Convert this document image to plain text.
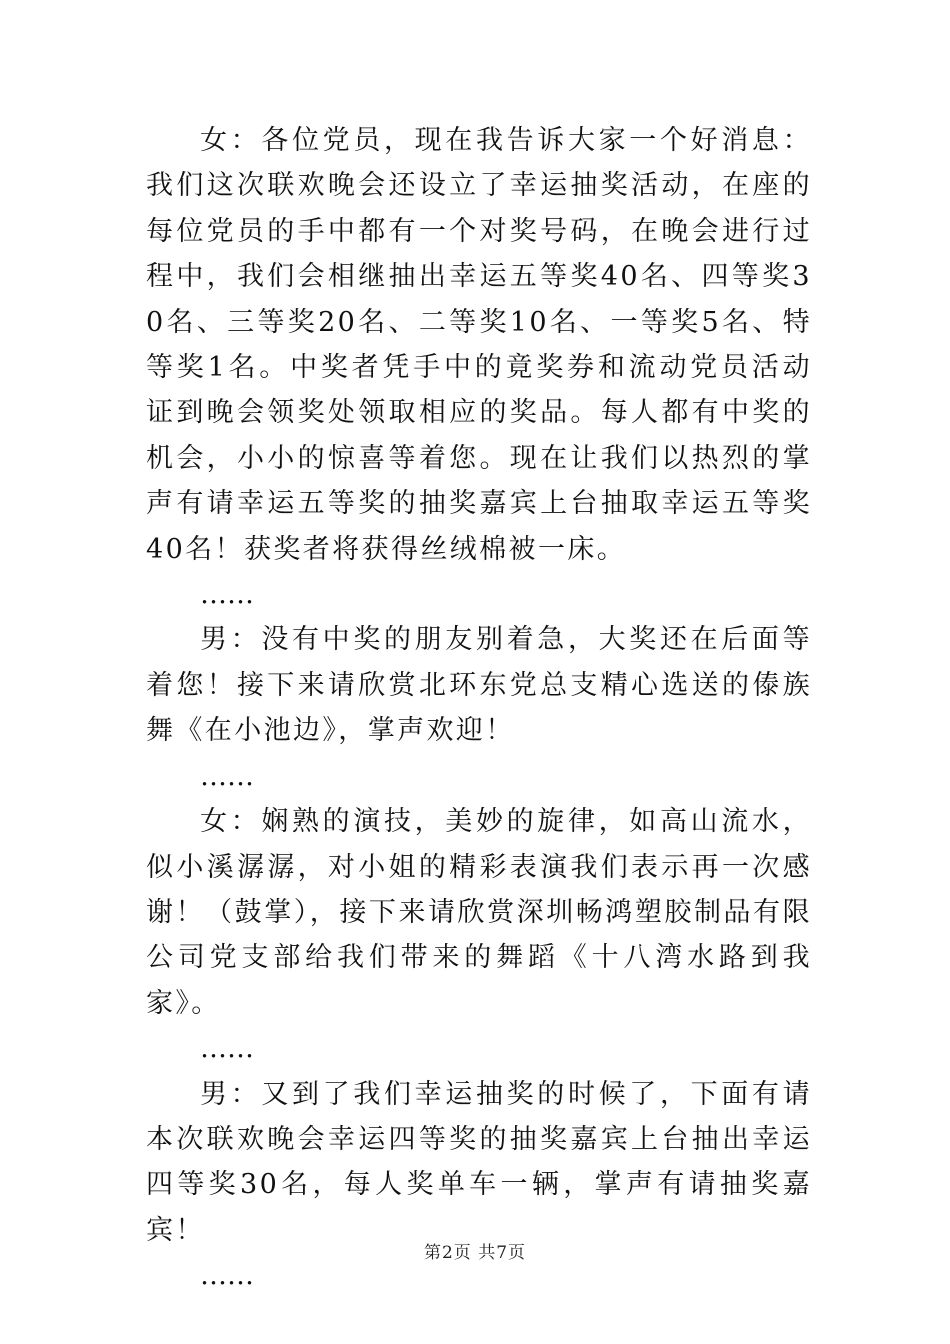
女：各位党员，现在我告诉大家一个好消息：我们这次联欢晚会还设立了幸运抽奖活动，在座的每位党员的手中都有一个对奖号码，在晚会进行过程中，我们会相继抽出幸运五等奖40名、四等奖30名、三等奖20名、二等奖10名、一等奖5名、特等奖1名。中奖者凭手中的竟奖券和流动党员活动证到晚会领奖处领取相应的奖品。每人都有中奖的机会，小小的惊喜等着您。现在让我们以热烈的掌声有请幸运五等奖的抽奖嘉宾上台抽取幸运五等奖40名！获奖者将获得丝绒棉被一床。

……

男：没有中奖的朋友别着急，大奖还在后面等着您！接下来请欣赏北环东党总支精心选送的傣族舞《在小池边》，掌声欢迎！

……

女：娴熟的演技，美妙的旋律，如高山流水，似小溪潺潺，对小姐的精彩表演我们表示再一次感谢！（鼓掌），接下来请欣赏深圳畅鸿塑胶制品有限公司党支部给我们带来的舞蹈《十八湾水路到我家》。

……

男：又到了我们幸运抽奖的时候了，下面有请本次联欢晚会幸运四等奖的抽奖嘉宾上台抽出幸运四等奖30名，每人奖单车一辆，掌声有请抽奖嘉宾！

……

第2页 共7页
